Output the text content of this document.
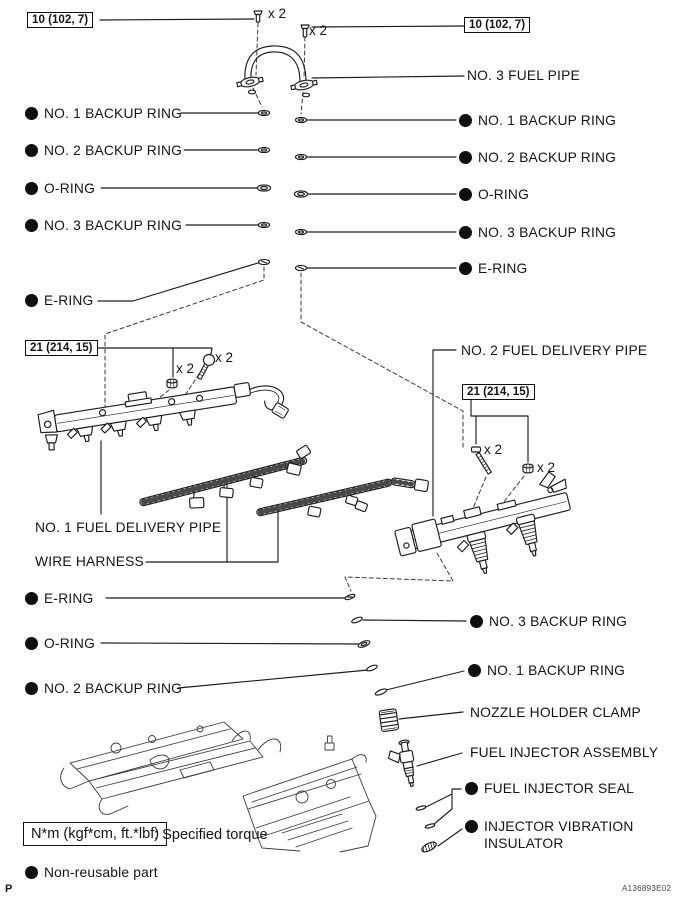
10 (102, 7)	10 (102, 7)
21 (214, 15)
21 (214, 15)
x 2
x 2
x 2
x 2
x 2
x 2
NO. 1 BACKUP RING
NO. 2 BACKUP RING
O-RING
NO. 3 BACKUP RING
E-RING
NO. 1 FUEL DELIVERY PIPE
WIRE HARNESS
E-RING
O-RING
NO. 2 BACKUP RING
NO. 3 FUEL PIPE
NO. 1 BACKUP RING
NO. 2 BACKUP RING
O-RING
NO. 3 BACKUP RING
E-RING
NO. 2 FUEL DELIVERY PIPE
NO. 3 BACKUP RING
NO. 1 BACKUP RING
NOZZLE HOLDER CLAMP
FUEL INJECTOR ASSEMBLY
FUEL INJECTOR SEAL
INJECTOR VIBRATION INSULATOR
N*m (kgf*cm, ft.*lbf)
: Specified torque
Non-reusable part
P	A136893E02
